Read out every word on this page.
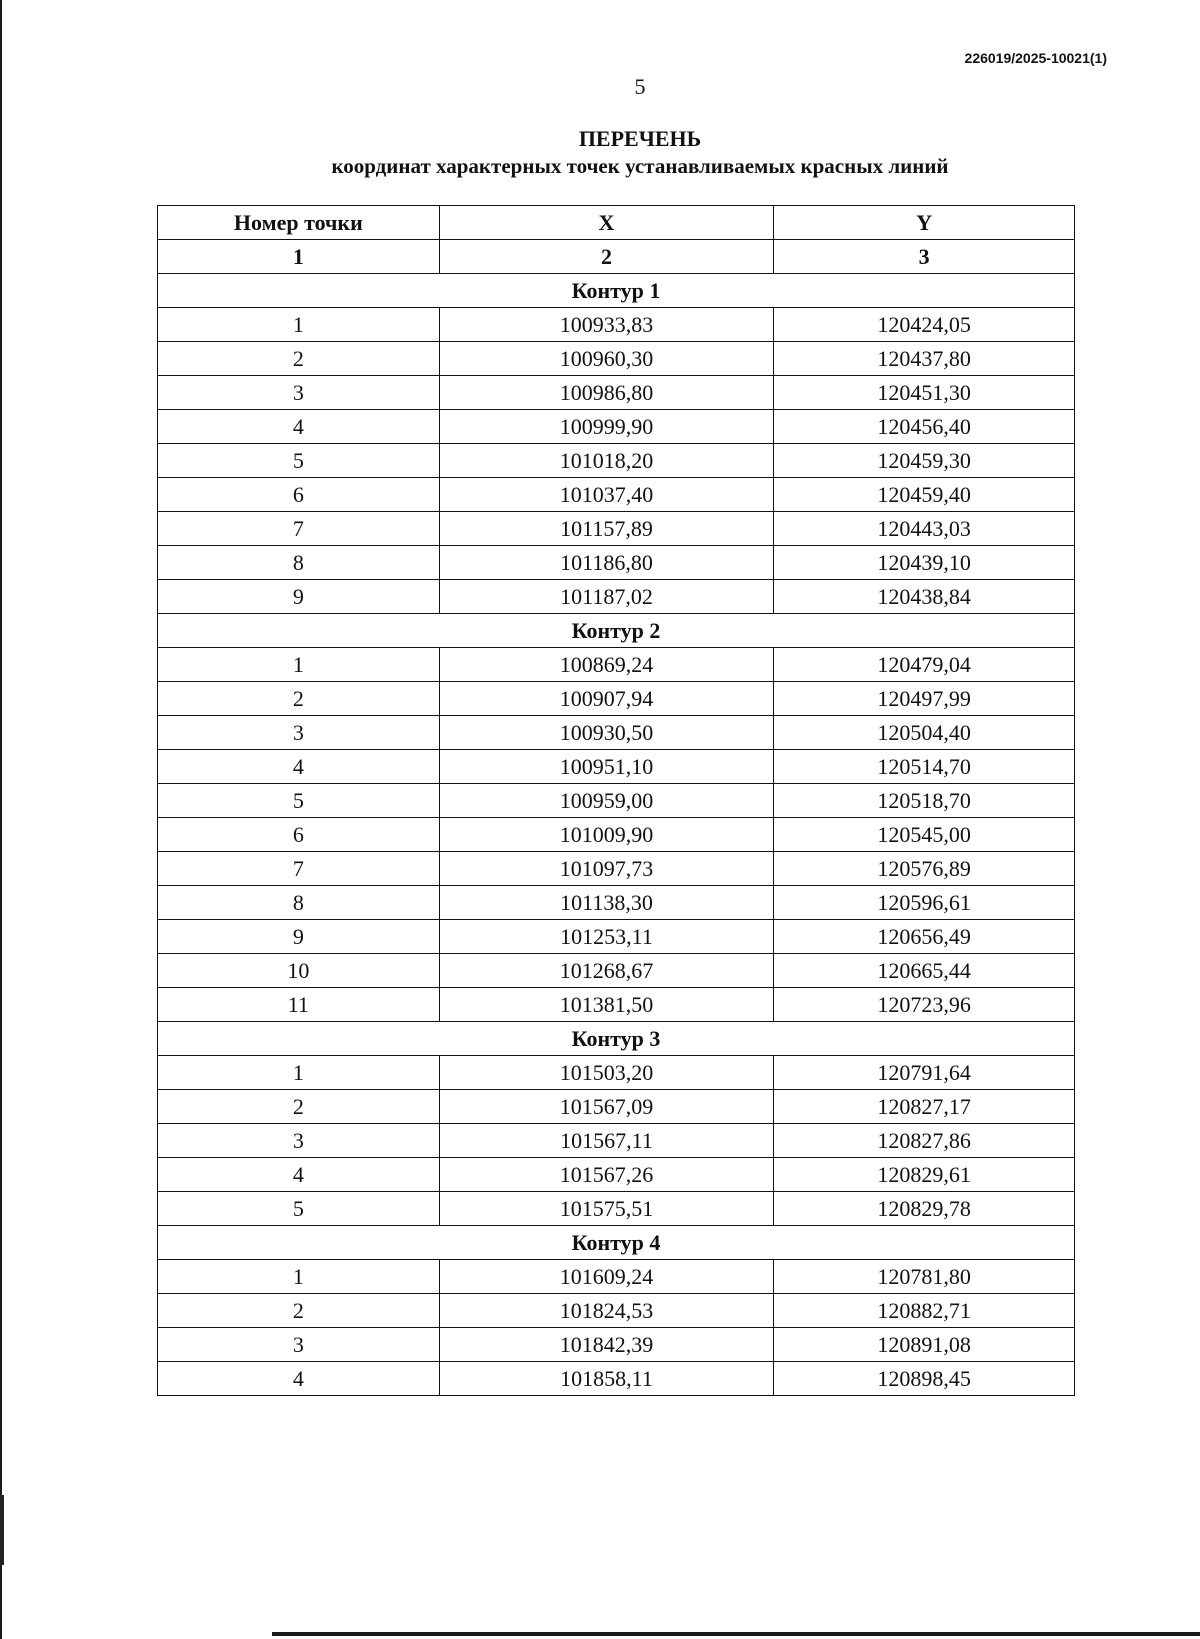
226019/2025-10021(1)
5
ПЕРЕЧЕНЬ
координат характерных точек устанавливаемых красных линий
Номер точки	X	Y
1	2	3
Контур 1		
1	100933,83	120424,05
2	100960,30	120437,80
3	100986,80	120451,30
4	100999,90	120456,40
5	101018,20	120459,30
6	101037,40	120459,40
7	101157,89	120443,03
8	101186,80	120439,10
9	101187,02	120438,84
Контур 2		
1	100869,24	120479,04
2	100907,94	120497,99
3	100930,50	120504,40
4	100951,10	120514,70
5	100959,00	120518,70
6	101009,90	120545,00
7	101097,73	120576,89
8	101138,30	120596,61
9	101253,11	120656,49
10	101268,67	120665,44
11	101381,50	120723,96
Контур 3		
1	101503,20	120791,64
2	101567,09	120827,17
3	101567,11	120827,86
4	101567,26	120829,61
5	101575,51	120829,78
Контур 4		
1	101609,24	120781,80
2	101824,53	120882,71
3	101842,39	120891,08
4	101858,11	120898,45
